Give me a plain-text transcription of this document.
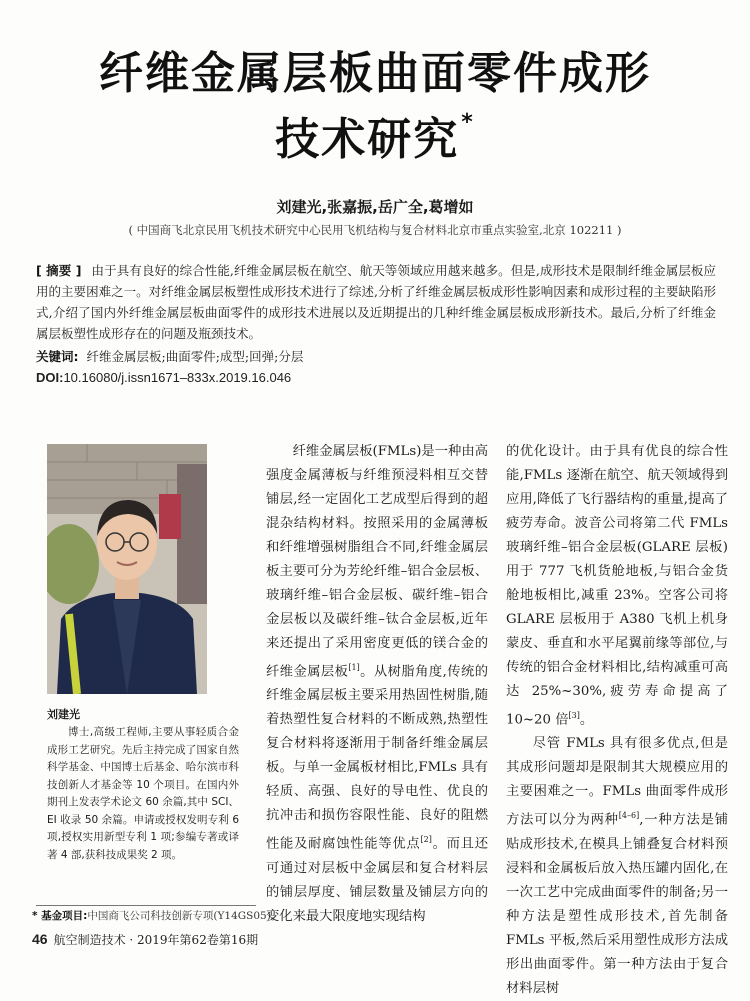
纤维金属层板曲面零件成形
技术研究*
刘建光,张嘉振,岳广全,葛增如
( 中国商飞北京民用飞机技术研究中心民用飞机结构与复合材料北京市重点实验室,北京 102211 )
[ 摘要 ] 由于具有良好的综合性能,纤维金属层板在航空、航天等领域应用越来越多。但是,成形技术是限制纤维金属层板应用的主要困难之一。对纤维金属层板塑性成形技术进行了综述,分析了纤维金属层板成形性影响因素和成形过程的主要缺陷形式,介绍了国内外纤维金属层板曲面零件的成形技术进展以及近期提出的几种纤维金属层板成形新技术。最后,分析了纤维金属层板塑性成形存在的问题及瓶颈技术。
关键词: 纤维金属层板;曲面零件;成型;回弹;分层
DOI:10.16080/j.issn1671–833x.2019.16.046
刘建光
博士,高级工程师,主要从事轻质合金成形工艺研究。先后主持完成了国家自然科学基金、中国博士后基金、哈尔滨市科技创新人才基金等 10 个项目。在国内外期刊上发表学术论文 60 余篇,其中 SCI、EI 收录 50 余篇。申请或授权发明专利 6 项,授权实用新型专利 1 项;参编专著或译著 4 部,获科技成果奖 2 项。

纤维金属层板(FMLs)是一种由高强度金属薄板与纤维预浸料相互交替铺层,经一定固化工艺成型后得到的超混杂结构材料。按照采用的金属薄板和纤维增强树脂组合不同,纤维金属层板主要可分为芳纶纤维–铝合金层板、玻璃纤维–铝合金层板、碳纤维–铝合金层板以及碳纤维–钛合金层板,近年来还提出了采用密度更低的镁合金的纤维金属层板[1]。从树脂角度,传统的纤维金属层板主要采用热固性树脂,随着热塑性复合材料的不断成熟,热塑性复合材料将逐渐用于制备纤维金属层板。与单一金属板材相比,FMLs 具有轻质、高强、良好的导电性、优良的抗冲击和损伤容限性能、良好的阻燃性能及耐腐蚀性能等优点[2]。而且还可通过对层板中金属层和复合材料层的铺层厚度、铺层数量及铺层方向的变化来最大限度地实现结构

的优化设计。由于具有优良的综合性能,FMLs 逐渐在航空、航天领域得到应用,降低了飞行器结构的重量,提高了疲劳寿命。波音公司将第二代 FMLs 玻璃纤维–铝合金层板(GLARE 层板)用于 777 飞机货舱地板,与铝合金货舱地板相比,减重 23%。空客公司将 GLARE 层板用于 A380 飞机上机身蒙皮、垂直和水平尾翼前缘等部位,与传统的铝合金材料相比,结构减重可高达 25%~30%,疲劳寿命提高了 10~20 倍[3]。

尽管 FMLs 具有很多优点,但是其成形问题却是限制其大规模应用的主要困难之一。FMLs 曲面零件成形方法可以分为两种[4–6],一种方法是铺贴成形技术,在模具上铺叠复合材料预浸料和金属板后放入热压罐内固化,在一次工艺中完成曲面零件的制备;另一种方法是塑性成形技术,首先制备 FMLs 平板,然后采用塑性成形方法成形出曲面零件。第一种方法由于复合材料层树

* 基金项目:中国商飞公司科技创新专项(Y14GS05)。
46 航空制造技术 · 2019年第62卷第16期
